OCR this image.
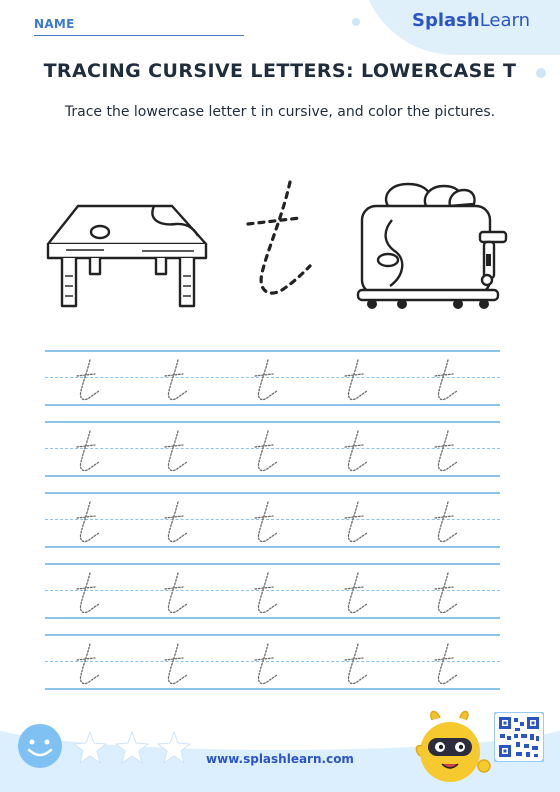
NAME	SplashLearn
TRACING CURSIVE LETTERS: LOWERCASE T
Trace the lowercase letter t in cursive, and color the pictures.
www.splashlearn.com
